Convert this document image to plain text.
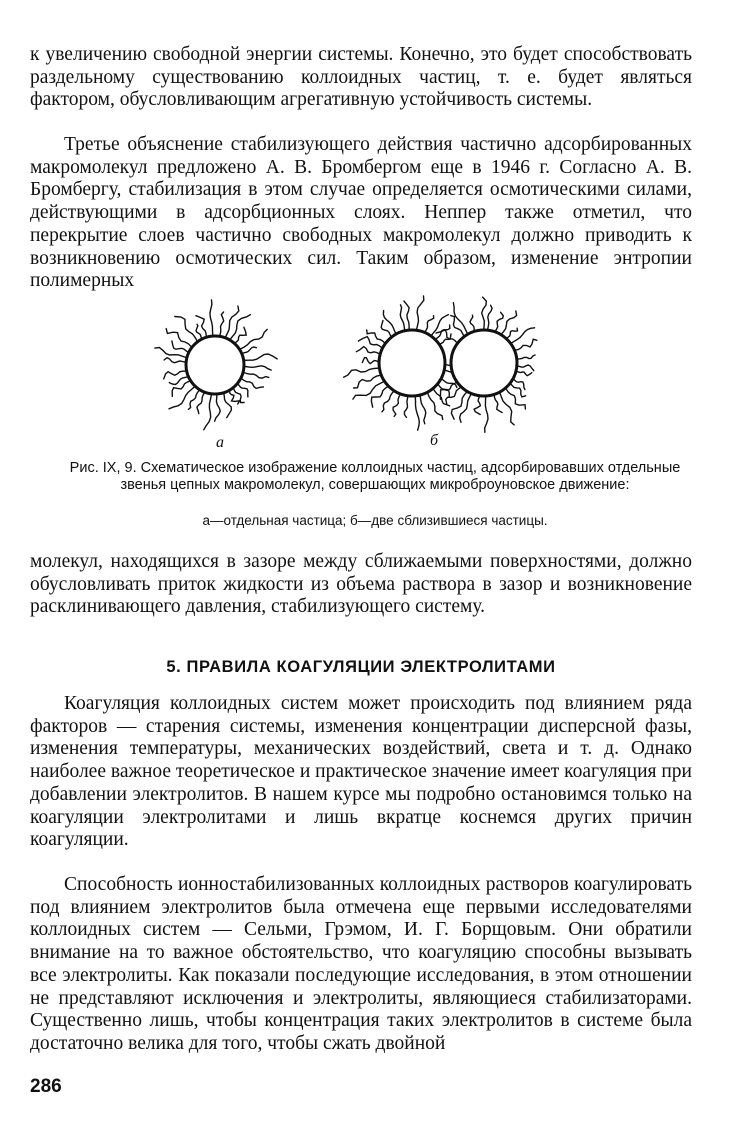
к увеличению свободной энергии системы. Конечно, это будет способствовать раздельному существованию коллоидных частиц, т. е. будет являться фактором, обусловливающим агрегативную устойчивость системы.

Третье объяснение стабилизующего действия частично адсорбированных макромолекул предложено А. В. Бромбергом еще в 1946 г. Согласно А. В. Бромбергу, стабилизация в этом случае определяется осмотическими силами, действующими в адсорбционных слоях. Неппер также отметил, что перекрытие слоев частично свободных макромолекул должно приводить к возникновению осмотических сил. Таким образом, изменение энтропии полимерных

а	б
Рис. IX, 9. Схематическое изображение коллоидных частиц, адсорбировавших отдельные звенья цепных макромолекул, совершающих микроброуновское движение:
а—отдельная частица; б—две сблизившиеся частицы.

молекул, находящихся в зазоре между сближаемыми поверхностями, должно обусловливать приток жидкости из объема раствора в зазор и возникновение расклинивающего давления, стабилизующего систему.

5. ПРАВИЛА КОАГУЛЯЦИИ ЭЛЕКТРОЛИТАМИ

Коагуляция коллоидных систем может происходить под влиянием ряда факторов — старения системы, изменения концентрации дисперсной фазы, изменения температуры, механических воздействий, света и т. д. Однако наиболее важное теоретическое и практическое значение имеет коагуляция при добавлении электролитов. В нашем курсе мы подробно остановимся только на коагуляции электролитами и лишь вкратце коснемся других причин коагуляции.

Способность ионностабилизованных коллоидных растворов коагулировать под влиянием электролитов была отмечена еще первыми исследователями коллоидных систем — Сельми, Грэмом, И. Г. Борщовым. Они обратили внимание на то важное обстоятельство, что коагуляцию способны вызывать все электролиты. Как показали последующие исследования, в этом отношении не представляют исключения и электролиты, являющиеся стабилизаторами. Существенно лишь, чтобы концентрация таких электролитов в системе была достаточно велика для того, чтобы сжать двойной

286
